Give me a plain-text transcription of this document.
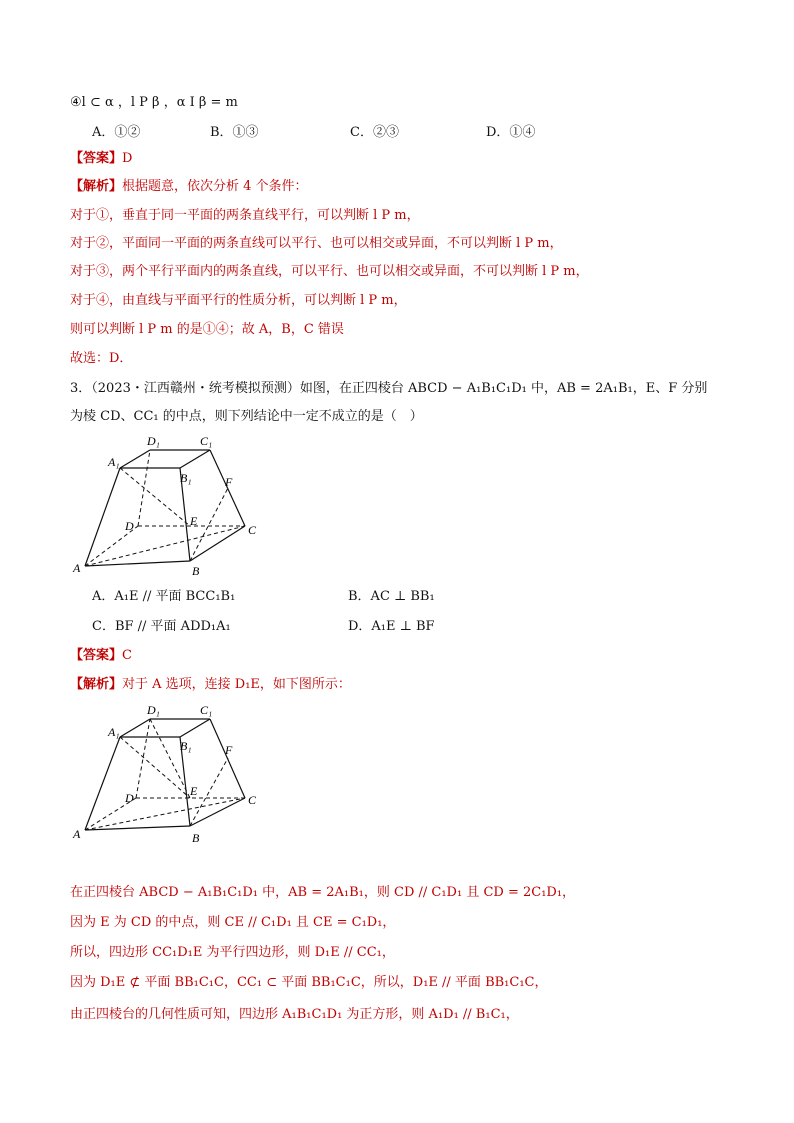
④l ⊂ α ，l P β ，α I β = m
A．①②	B．①③	C．②③	D．①④
【答案】D
【解析】根据题意，依次分析 4 个条件：
对于①，垂直于同一平面的两条直线平行，可以判断 l P m，
对于②，平面同一平面的两条直线可以平行、也可以相交或异面，不可以判断 l P m，
对于③，两个平行平面内的两条直线，可以平行、也可以相交或异面，不可以判断 l P m，
对于④，由直线与平面平行的性质分析，可以判断 l P m，
则可以判断 l P m 的是①④；故 A，B，C 错误
故选：D．
3．（2023・江西赣州・统考模拟预测）如图，在正四棱台 ABCD − A₁B₁C₁D₁ 中，AB = 2A₁B₁，E、F 分别
为棱 CD、CC₁ 的中点，则下列结论中一定不成立的是（　）
D₁	C₁
A₁
B₁	F
D	E
C
A	B
A．A₁E // 平面 BCC₁B₁	B．AC ⊥ BB₁
C．BF // 平面 ADD₁A₁	D．A₁E ⊥ BF
【答案】C
【解析】对于 A 选项，连接 D₁E，如下图所示：
D₁	C₁
A₁
B₁	F
D	E
C
A	B
在正四棱台 ABCD − A₁B₁C₁D₁ 中，AB = 2A₁B₁，则 CD // C₁D₁ 且 CD = 2C₁D₁，
因为 E 为 CD 的中点，则 CE // C₁D₁ 且 CE = C₁D₁，
所以，四边形 CC₁D₁E 为平行四边形，则 D₁E // CC₁，
因为 D₁E ⊄ 平面 BB₁C₁C，CC₁ ⊂ 平面 BB₁C₁C，所以，D₁E // 平面 BB₁C₁C，
由正四棱台的几何性质可知，四边形 A₁B₁C₁D₁ 为正方形，则 A₁D₁ // B₁C₁，
